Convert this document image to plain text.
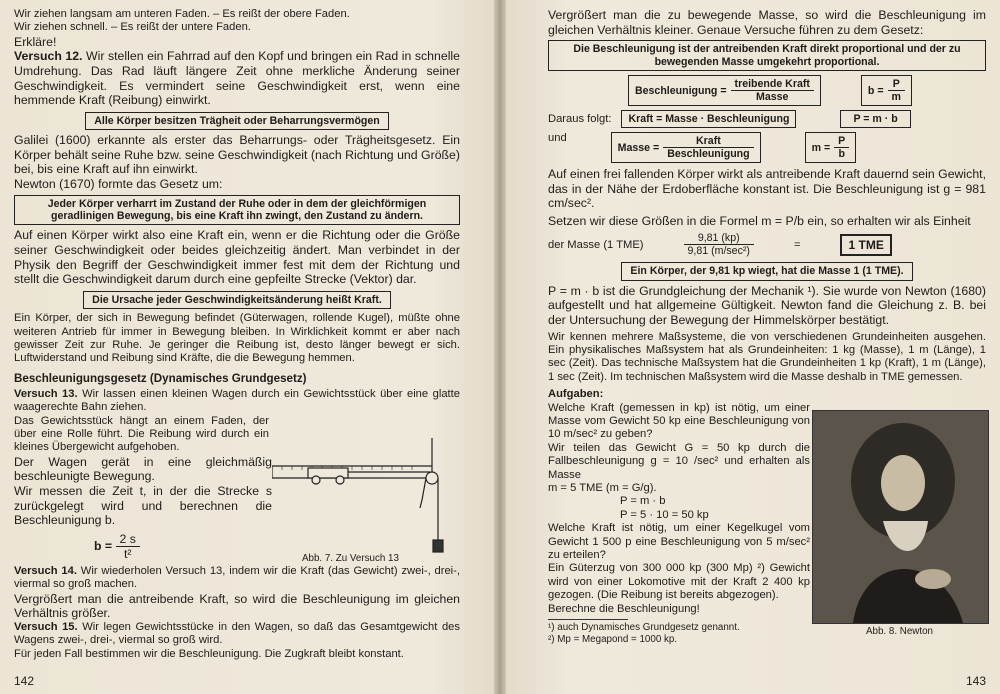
Wir ziehen langsam am unteren Faden. – Es reißt der obere Faden.

Wir ziehen schnell. – Es reißt der untere Faden.

Erkläre!

Versuch 12. Wir stellen ein Fahrrad auf den Kopf und bringen ein Rad in schnelle Umdrehung. Das Rad läuft längere Zeit ohne merkliche Änderung seiner Geschwindigkeit. Es vermindert seine Geschwindigkeit erst, wenn eine hemmende Kraft (Reibung) einwirkt.

Alle Körper besitzen Trägheit oder Beharrungsvermögen

Galilei (1600) erkannte als erster das Beharrungs- oder Trägheitsgesetz. Ein Körper behält seine Ruhe bzw. seine Geschwindigkeit (nach Richtung und Größe) bei, bis eine Kraft auf ihn einwirkt.

Newton (1670) formte das Gesetz um:

Jeder Körper verharrt im Zustand der Ruhe oder in dem der gleichförmigen geradlinigen Bewegung, bis eine Kraft ihn zwingt, den Zustand zu ändern.

Auf einen Körper wirkt also eine Kraft ein, wenn er die Richtung oder die Größe seiner Geschwindigkeit oder beides gleichzeitig ändert. Man verbindet in der Physik den Begriff der Geschwindigkeit immer fest mit dem der Richtung und stellt die Geschwindigkeit darum durch eine gepfeilte Strecke (Vektor) dar.

Die Ursache jeder Geschwindigkeitsänderung heißt Kraft.

Ein Körper, der sich in Bewegung befindet (Güterwagen, rollende Kugel), müßte ohne weiteren Antrieb für immer in Bewegung bleiben. In Wirklichkeit kommt er aber nach gewisser Zeit zur Ruhe. Je geringer die Reibung ist, desto länger bewegt er sich. Luftwiderstand und Reibung sind Kräfte, die die Bewegung hemmen.

Beschleunigungsgesetz (Dynamisches Grundgesetz)

Versuch 13. Wir lassen einen kleinen Wagen durch ein Gewichtsstück über eine glatte waagerechte Bahn ziehen.

Das Gewichtsstück hängt an einem Faden, der über eine Rolle führt. Die Reibung wird durch ein kleines Übergewicht aufgehoben.

Der Wagen gerät in eine gleichmäßig beschleunigte Bewegung.

Wir messen die Zeit t, in der die Strecke s zurückgelegt wird und berechnen die Beschleunigung b.

b =
$\frac{2 s}{\text{t²}}$

Versuch 14. Wir wiederholen Versuch 13, indem wir die Kraft (das Gewicht) zwei-, drei-, viermal so groß machen.

Vergrößert man die antreibende Kraft, so wird die Beschleunigung im gleichen Verhältnis größer.

Versuch 15. Wir legen Gewichtsstücke in den Wagen, so daß das Gesamtgewicht des Wagens zwei-, drei-, viermal so groß wird.

Für jeden Fall bestimmen wir die Beschleunigung. Die Zugkraft bleibt konstant.

142

Vergrößert man die zu bewegende Masse, so wird die Beschleunigung im gleichen Verhältnis kleiner. Genaue Versuche führen zu dem Gesetz:

Die Beschleunigung ist der antreibenden Kraft direkt proportional und der zu bewegenden Masse umgekehrt proportional.
Beschleunigung = $\frac{\text{treibende Kraft}}{\text{Masse}}$	$b = \frac{P}{m}$
Daraus folgt:	Kraft = Masse · Beschleunigung	P = m · b
und
Masse = $\frac{\text{Kraft}}{\text{Beschleunigung}}$	$m = \frac{P}{b}$

Auf einen frei fallenden Körper wirkt als antreibende Kraft dauernd sein Gewicht, das in der Nähe der Erdoberfläche konstant ist. Die Beschleunigung ist g = 981 cm/sec².

Setzen wir diese Größen in die Formel m = P/b ein, so erhalten wir als Einheit

der Masse (1 TME)	$\frac{9,81 (kp)}{\text{9,81 (m/sec²)}}$	=	1 TME
Ein Körper, der 9,81 kp wiegt, hat die Masse 1 (1 TME).

P = m · b ist die Grundgleichung der Mechanik ¹). Sie wurde von Newton (1680) aufgestellt und hat allgemeine Gültigkeit. Newton fand die Gleichung z. B. bei der Untersuchung der Bewegung der Himmelskörper bestätigt.

Wir kennen mehrere Maßsysteme, die von verschiedenen Grundeinheiten ausgehen. Ein physikalisches Maßsystem hat als Grundeinheiten: 1 kg (Masse), 1 m (Länge), 1 sec (Zeit). Das technische Maßsystem hat die Grundeinheiten 1 kp (Kraft), 1 m (Länge), 1 sec (Zeit). Im technischen Maßsystem wird die Masse deshalb in TME gemessen.

Aufgaben:

Welche Kraft (gemessen in kp) ist nötig, um einer Masse vom Gewicht 50 kp eine Beschleunigung von 10 m/sec² zu geben?

Wir teilen das Gewicht G = 50 kp durch die Fallbeschleunigung g = 10 /sec² und erhalten als Masse

m = 5 TME (m = G/g).

P = m · b

P = 5 · 10 = 50 kp

Welche Kraft ist nötig, um einer Kegelkugel vom Gewicht 1 500 p eine Beschleunigung von 5 m/sec² zu erteilen?

Ein Güterzug von 300 000 kp (300 Mp) ²) Gewicht wird von einer Lokomotive mit der Kraft 2 400 kp gezogen. (Die Reibung ist bereits abgezogen).

Berechne die Beschleunigung!

¹) auch Dynamisches Grundgesetz genannt.

²) Mp = Megapond = 1000 kp.

143
Abb. 7. Zu Versuch 13
Abb. 8. Newton
